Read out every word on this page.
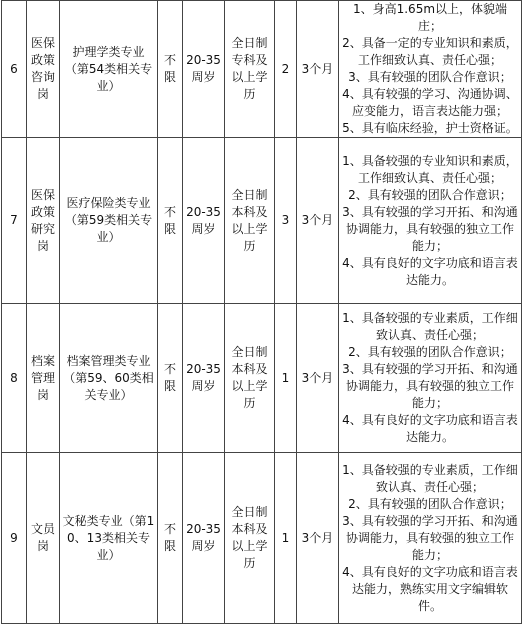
6	医保政策咨询岗	护理学类专业（第54类相关专业）	不限	20-35周岁	全日制专科及以上学历	2	3个月	1、身高1.65m以上，体貌端庄；
2、具备一定的专业知识和素质，工作细致认真、责任心强；
3、具有较强的团队合作意识；
4、具有较强的学习、沟通协调、应变能力，语言表达能力强；
5、具有临床经验，护士资格证。

7	医保政策研究岗	医疗保险类专业（第59类相关专业）	不限	20-35周岁	全日制本科及以上学历	3	3个月	1、具备较强的专业知识和素质，工作细致认真、责任心强；
2、具有较强的团队合作意识；
3、具有较强的学习开拓、和沟通协调能力，具有较强的独立工作能力；
4、具有良好的文字功底和语言表达能力。

8	档案管理岗	档案管理类专业（第59、60类相关专业）	不限	20-35周岁	全日制本科及以上学历	1	3个月	1、具备较强的专业素质，工作细致认真、责任心强；
2、具有较强的团队合作意识；
3、具有较强的学习开拓、和沟通协调能力，具有较强的独立工作能力；
4、具有良好的文字功底和语言表达能力。

9	文员岗	文秘类专业（第10、13类相关专业）	不限	20-35周岁	全日制本科及以上学历	1	3个月	1、具备较强的专业素质，工作细致认真、责任心强；
2、具有较强的团队合作意识；
3、具有较强的学习开拓、和沟通协调能力，具有较强的独立工作能力；
4、具有良好的文字功底和语言表达能力，熟练实用文字编辑软件。
